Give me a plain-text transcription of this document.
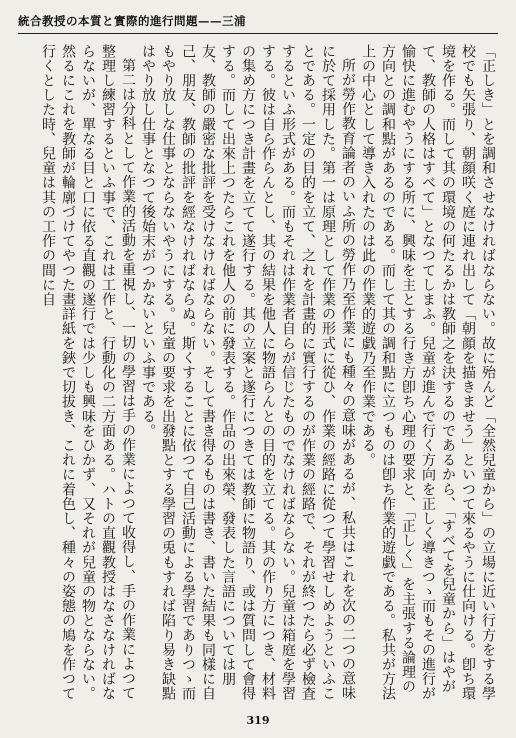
統合教授の本質と實際的進行問題——三浦

「正しき」とを調和させなければならない。故に殆んど「全然兒童から」の立場に近い行方をする學校でも矢張り、朝顔咲く庭に連れ出して「朝顔を描きませう」といつて來るやうに仕向ける。卽ち環境を作る。而して其の環境の何たるかは教師之を決するのであるから、「すべてを兒童から」はやがて、教師の人格はすべて」となつてしまふ。兒童が進んで行く方向を正しく導きつゝ而もその進行が愉快に進むやうにする所に、興味を主とする行き方卽ち心理の要求と、「正しく」を主張する論理の方向との調和點があるのである。而して其の調和點に立つものは卽ち作業的遊戯である。私共が方法上の中心として導き入れたのは此の作業的遊戯乃至作業である。

所が勞作教育論者のいふ所の勞作乃至作業にも種々の意味があるが、私共はこれを次の二つの意味に於て採用した。第一は原理として作業の形式に從ひ、作業の經路に從つて學習せしめようといふことである。一定の目的を立て、之れを計畫的に實行するのが作業の經路で、それが終つたら必ず檢査するといふ形式がある。而もそれは作業者自らが信じたものでなければならない。兒童は箱庭を學習する。彼は自ら作らんとし、其の結果を他人に物語らんとの目的を立てる。其の作り方につき、材料の集め方につき計畫を立てて遂行する。其の立案と遂行につきては教師に物語り、或は質問して會得する。而して出來上つたらこれを他人の前に發表する。作品の出來榮、發表した言語については朋友、教師の嚴密な批評を受けなければならない。そして書き得るものは書き、書いた結果も同樣に自己、朋友、教師の批評を經なければならぬ。斯くすることに依つて自己活動による學習でありつゝ而もやり放しな仕事とならないやうにする。兒童の要求を出發點とする學習の兎もすれば陷り易き缺點はやり放し仕事となつて後始末がつかないといふ事である。

第二は分科として作業的活動を重視し、一切の學習は手の作業によつて收得し、手の作業によつて整理し練習するといふ事で、これは工作と、行動化の二方面ある。ハトの直觀教授はなさなければならないが、單なる目と口に依る直觀の遂行では少しも興味をひかず、又それが兒童の物とならない。然るにこれを教師が輪廓づけてやつた畫詳紙を鋏で切拔き、これに着色し、種々の姿態の鳩を作つて行くとした時、兒童は其の工作の間に自

319
